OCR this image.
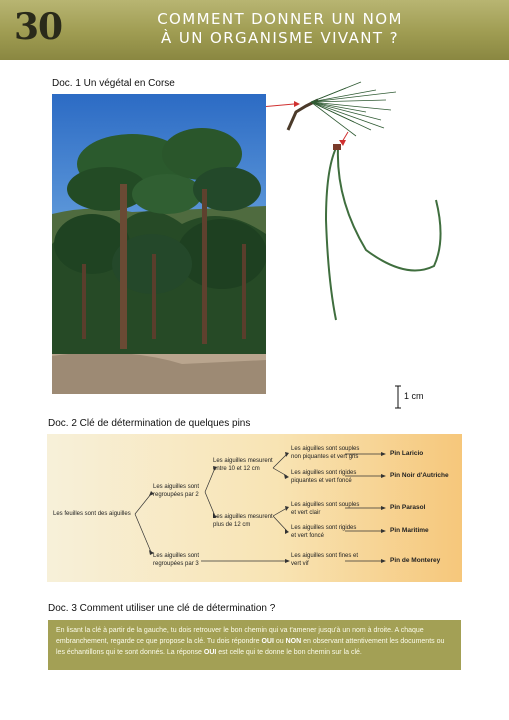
30	COMMENT DONNER UN NOM
À UN ORGANISME VIVANT ?
Doc. 1 Un végétal en Corse
1 cm
Doc. 2 Clé de détermination de quelques pins
Les feuilles sont des aiguilles
Les aiguilles sont regroupées par 2
Les aiguilles sont regroupées par 3
Les aiguilles mesurent entre 10 et 12 cm
Les aiguilles mesurent plus de 12 cm
Les aiguilles sont souples non piquantes et vert gris
Les aiguilles sont rigides piquantes et vert foncé
Les aiguilles sont souples et vert clair
Les aiguilles sont rigides et vert foncé
Les aiguilles sont fines et vert vif
Pin Laricio
Pin Noir d'Autriche
Pin Parasol
Pin Maritime
Pin de Monterey
Doc. 3 Comment utiliser une clé de détermination ?
En lisant la clé à partir de la gauche, tu dois retrouver le bon chemin qui va t'amener jusqu'à un nom à droite. A chaque embranchement, regarde ce que propose la clé. Tu dois répondre OUI ou NON en observant attentivement les documents ou les échantillons qui te sont donnés. La réponse OUI est celle qui te donne le bon chemin sur la clé.
